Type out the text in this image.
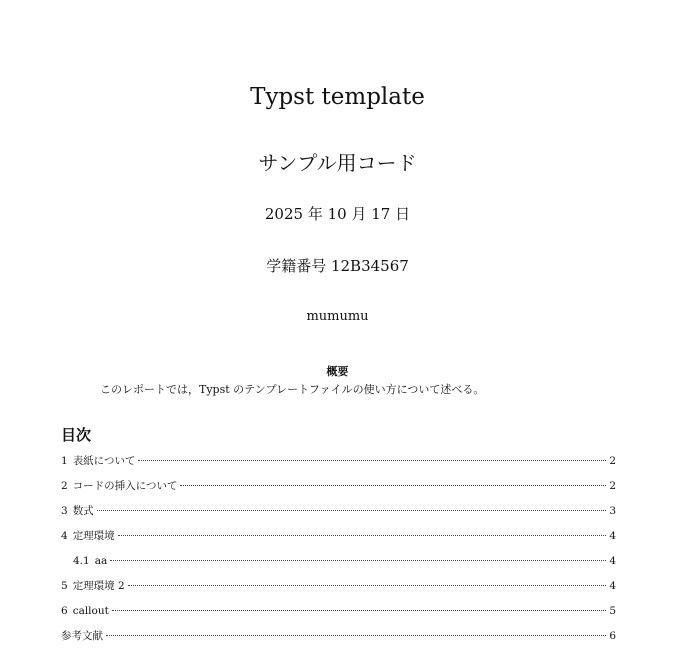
Typst template
サンプル用コード
2025 年 10 月 17 日
学籍番号 12B34567
mumumu
概要
このレポートでは，Typst のテンプレートファイルの使い方について述べる。
目次
1 表紙について	2
2 コードの挿入について	2
3 数式	3
4 定理環境	4
4.1 aa	4
5 定理環境 2	4
6 callout	5
参考文献	6
